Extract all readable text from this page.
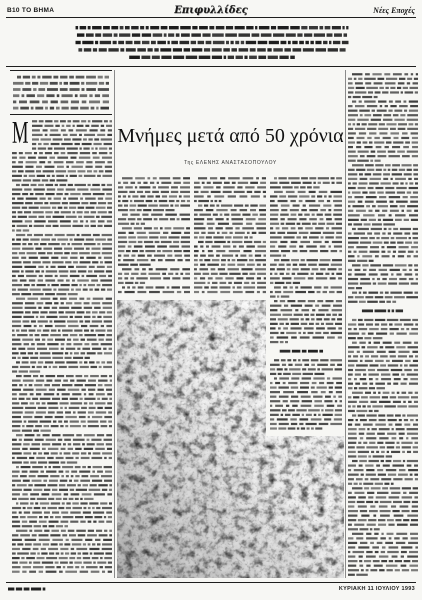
Β10 ΤΟ ΒΗΜΑ	Επιφυλλίδες	Νέες Εποχές
Μνήμες μετά από 50 χρόνια
Της ΕΛΕΝΗΣ ΑΝΑΣΤΑΣΟΠΟΥΛΟΥ
ΚΥΡΙΑΚΗ 11 ΙΟΥΛΙΟΥ 1993
